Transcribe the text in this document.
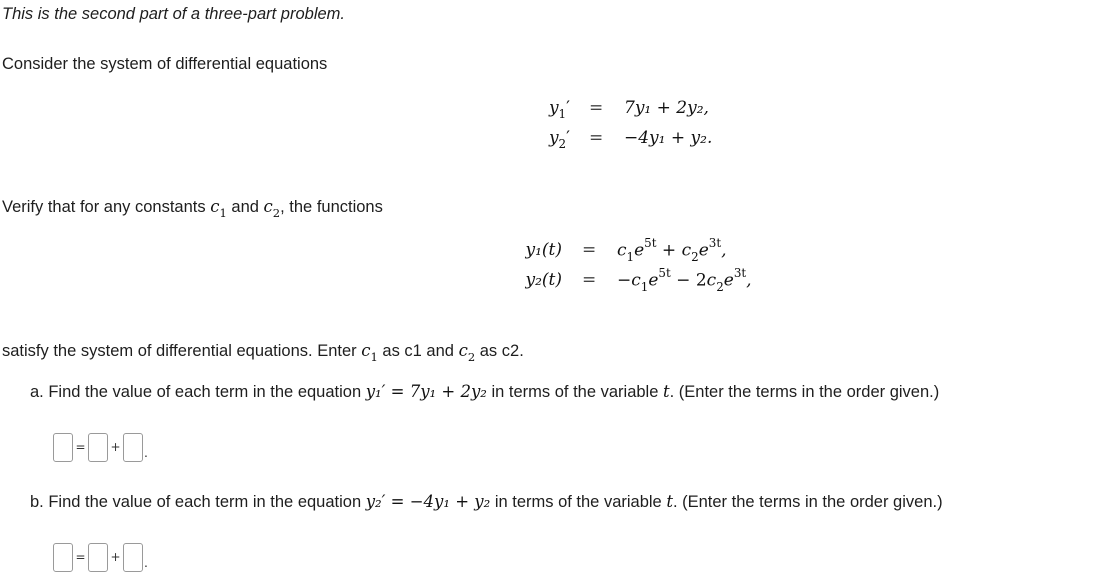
This is the second part of a three-part problem.
Consider the system of differential equations
$y_1' = 7y_1 + 2y_2$,
$y_2' = -4y_1 + y_2$.
Verify that for any constants $c_1$ and $c_2$, the functions
$y_1(t) = c_1e^{5t} + c_2e^{3t}$,
$y_2(t) = -c_1e^{5t} - 2c_2e^{3t}$,
satisfy the system of differential equations. Enter $c_1$ as c1 and $c_2$ as c2.
a. Find the value of each term in the equation y₁′ = 7y₁ + 2y₂ in terms of the variable t. (Enter the terms in the order given.)
= + .
b. Find the value of each term in the equation y₂′ = −4y₁ + y₂ in terms of the variable t. (Enter the terms in the order given.)
= + .
